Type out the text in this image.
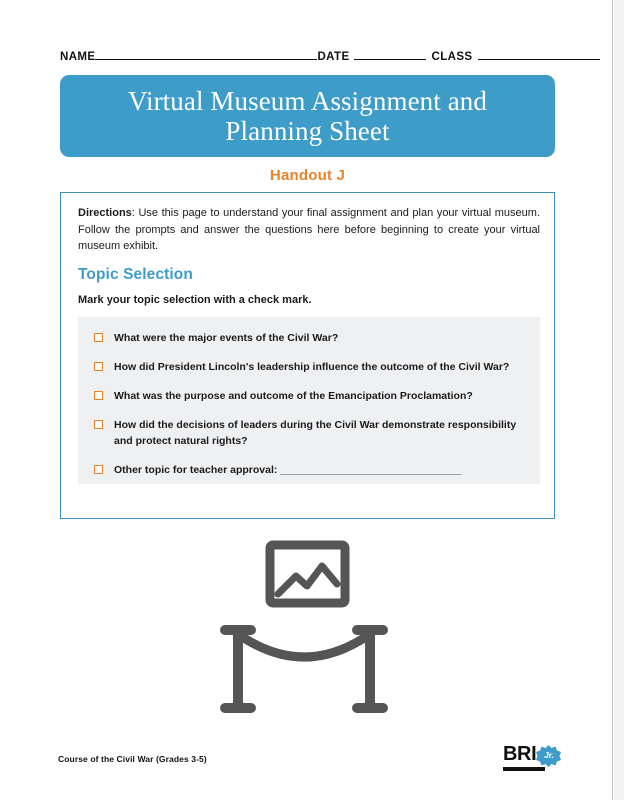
NAME	DATE	CLASS
Virtual Museum Assignment and Planning Sheet
Handout J
Directions: Use this page to understand your final assignment and plan your virtual museum. Follow the prompts and answer the questions here before beginning to create your virtual museum exhibit.
Topic Selection
Mark your topic selection with a check mark.
What were the major events of the Civil War?
How did President Lincoln's leadership influence the outcome of the Civil War?
What was the purpose and outcome of the Emancipation Proclamation?
How did the decisions of leaders during the Civil War demonstrate responsibility and protect natural rights?
Other topic for teacher approval: _______________________________
Course of the Civil War (Grades 3-5)	BRI Jr.
